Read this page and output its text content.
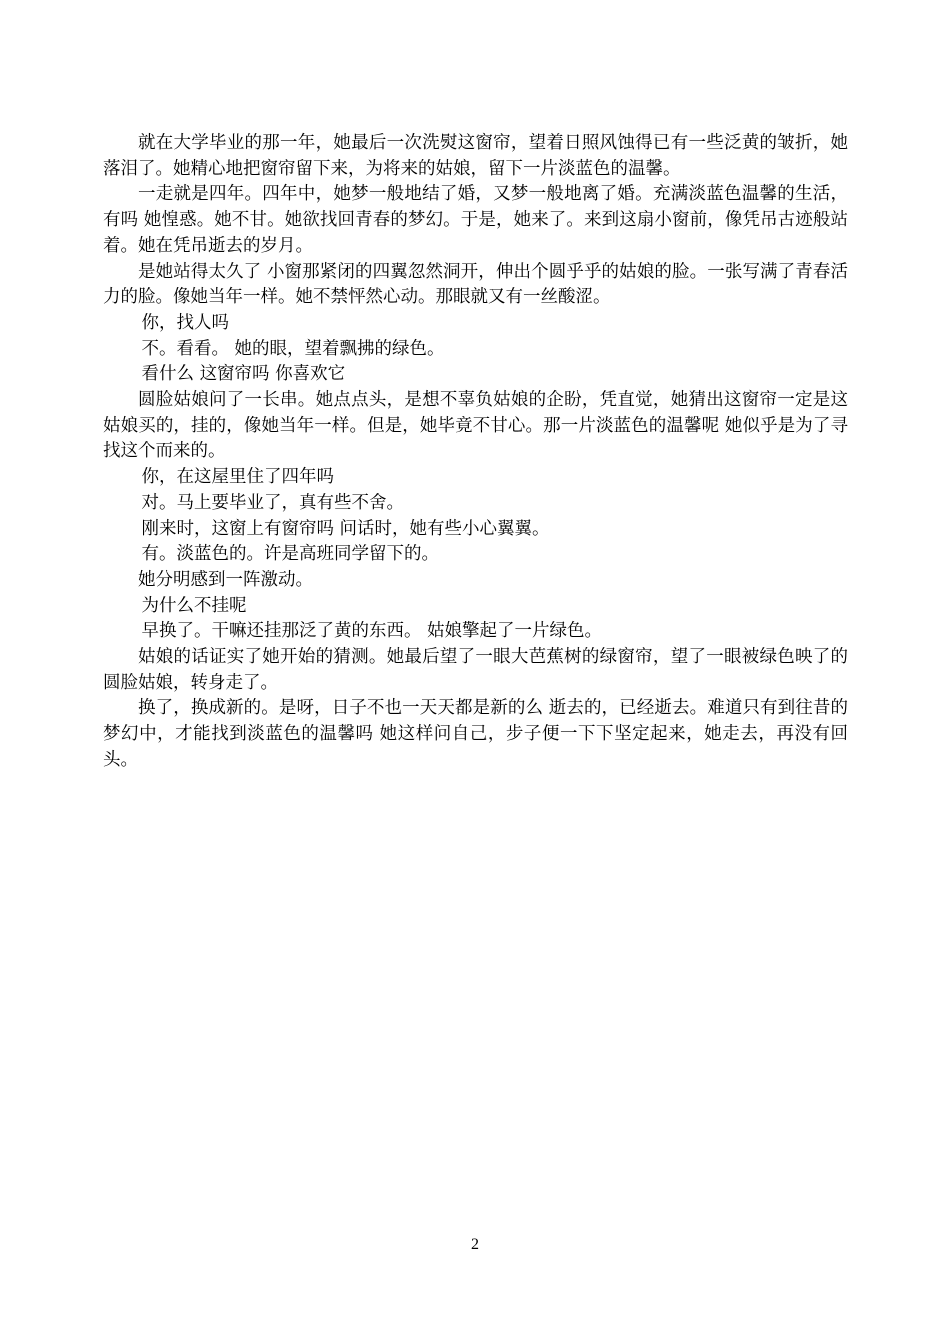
就在大学毕业的那一年，她最后一次洗熨这窗帘，望着日照风蚀得已有一些泛黄的皱折，她落泪了。她精心地把窗帘留下来，为将来的姑娘，留下一片淡蓝色的温馨。

一走就是四年。四年中，她梦一般地结了婚，又梦一般地离了婚。充满淡蓝色温馨的生活，有吗 她惶惑。她不甘。她欲找回青春的梦幻。于是，她来了。来到这扇小窗前，像凭吊古迹般站着。她在凭吊逝去的岁月。

是她站得太久了 小窗那紧闭的四翼忽然洞开，伸出个圆乎乎的姑娘的脸。一张写满了青春活力的脸。像她当年一样。她不禁怦然心动。那眼就又有一丝酸涩。

你，找人吗

不。看看。 她的眼，望着飘拂的绿色。

看什么 这窗帘吗 你喜欢它

圆脸姑娘问了一长串。她点点头，是想不辜负姑娘的企盼，凭直觉，她猜出这窗帘一定是这姑娘买的，挂的，像她当年一样。但是，她毕竟不甘心。那一片淡蓝色的温馨呢 她似乎是为了寻找这个而来的。

你，在这屋里住了四年吗

对。马上要毕业了，真有些不舍。

刚来时，这窗上有窗帘吗 问话时，她有些小心翼翼。

有。淡蓝色的。许是高班同学留下的。

她分明感到一阵激动。

为什么不挂呢

早换了。干嘛还挂那泛了黄的东西。 姑娘擎起了一片绿色。

姑娘的话证实了她开始的猜测。她最后望了一眼大芭蕉树的绿窗帘，望了一眼被绿色映了的圆脸姑娘，转身走了。

换了，换成新的。是呀，日子不也一天天都是新的么 逝去的，已经逝去。难道只有到往昔的梦幻中，才能找到淡蓝色的温馨吗 她这样问自己，步子便一下下坚定起来，她走去，再没有回头。

2
